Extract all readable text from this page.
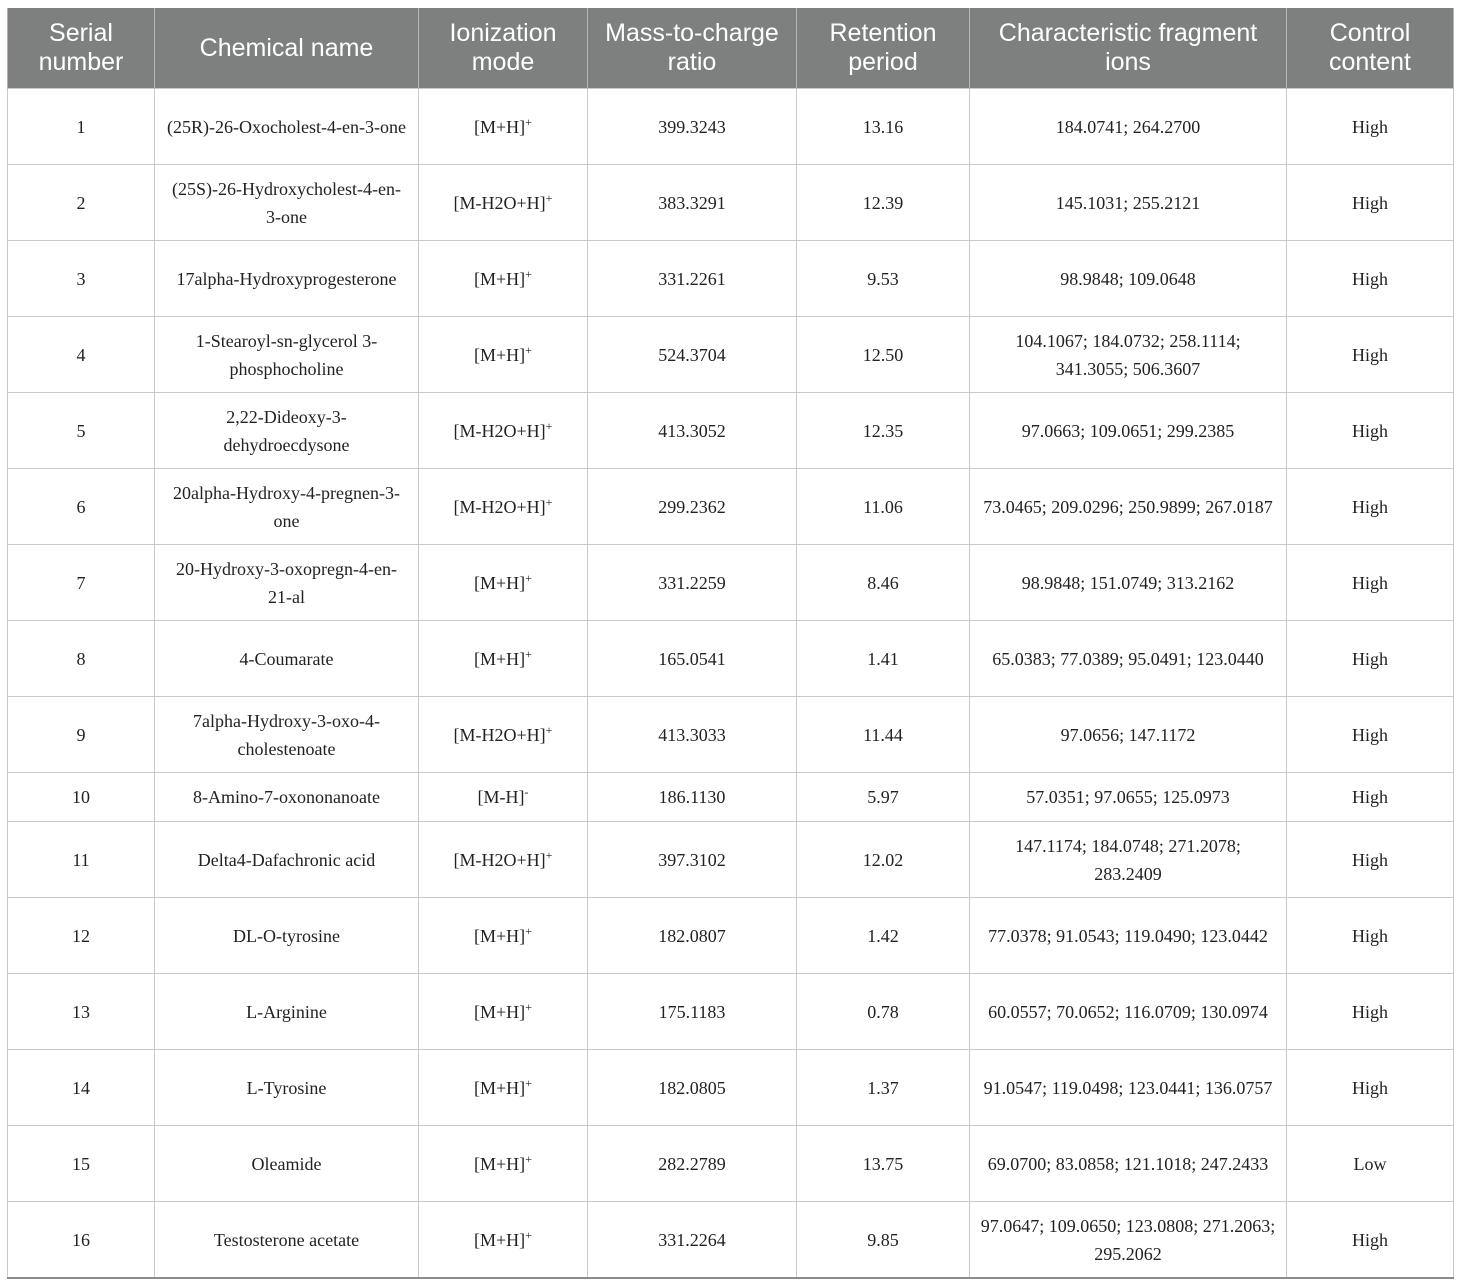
Serial number	Chemical name	Ionization mode	Mass-to-charge ratio	Retention period	Characteristic fragment ions	Control content
1	(25R)-26-Oxocholest-4-en-3-one	[M+H]+	399.3243	13.16	184.0741; 264.2700	High
2	(25S)-26-Hydroxycholest-4-en-3-one	[M-H2O+H]+	383.3291	12.39	145.1031; 255.2121	High
3	17alpha-Hydroxyprogesterone	[M+H]+	331.2261	9.53	98.9848; 109.0648	High
4	1-Stearoyl-sn-glycerol 3-phosphocholine	[M+H]+	524.3704	12.50	104.1067; 184.0732; 258.1114; 341.3055; 506.3607	High
5	2,22-Dideoxy-3-dehydroecdysone	[M-H2O+H]+	413.3052	12.35	97.0663; 109.0651; 299.2385	High
6	20alpha-Hydroxy-4-pregnen-3-one	[M-H2O+H]+	299.2362	11.06	73.0465; 209.0296; 250.9899; 267.0187	High
7	20-Hydroxy-3-oxopregn-4-en-21-al	[M+H]+	331.2259	8.46	98.9848; 151.0749; 313.2162	High
8	4-Coumarate	[M+H]+	165.0541	1.41	65.0383; 77.0389; 95.0491; 123.0440	High
9	7alpha-Hydroxy-3-oxo-4-cholestenoate	[M-H2O+H]+	413.3033	11.44	97.0656; 147.1172	High
10	8-Amino-7-oxononanoate	[M-H]-	186.1130	5.97	57.0351; 97.0655; 125.0973	High
11	Delta4-Dafachronic acid	[M-H2O+H]+	397.3102	12.02	147.1174; 184.0748; 271.2078; 283.2409	High
12	DL-O-tyrosine	[M+H]+	182.0807	1.42	77.0378; 91.0543; 119.0490; 123.0442	High
13	L-Arginine	[M+H]+	175.1183	0.78	60.0557; 70.0652; 116.0709; 130.0974	High
14	L-Tyrosine	[M+H]+	182.0805	1.37	91.0547; 119.0498; 123.0441; 136.0757	High
15	Oleamide	[M+H]+	282.2789	13.75	69.0700; 83.0858; 121.1018; 247.2433	Low
16	Testosterone acetate	[M+H]+	331.2264	9.85	97.0647; 109.0650; 123.0808; 271.2063; 295.2062	High
